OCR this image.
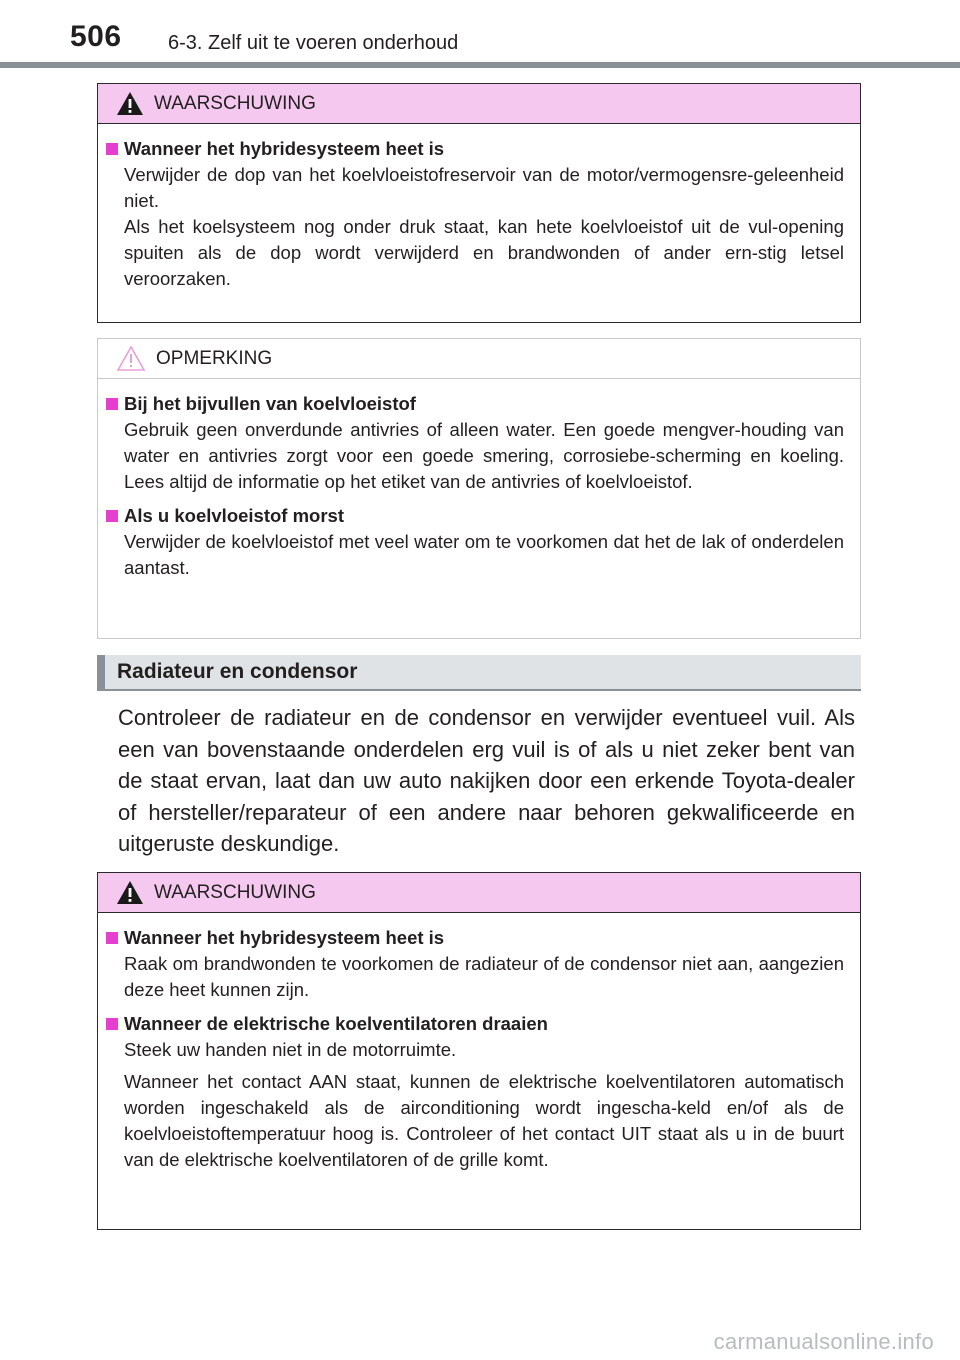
506 6-3. Zelf uit te voeren onderhoud
WAARSCHUWING
Wanneer het hybridesysteem heet is

Verwijder de dop van het koelvloeistofreservoir van de motor/vermogensre-geleenheid niet.

Als het koelsysteem nog onder druk staat, kan hete koelvloeistof uit de vul-opening spuiten als de dop wordt verwijderd en brandwonden of ander ern-stig letsel veroorzaken.

OPMERKING
Bij het bijvullen van koelvloeistof

Gebruik geen onverdunde antivries of alleen water. Een goede mengver-houding van water en antivries zorgt voor een goede smering, corrosiebe-scherming en koeling. Lees altijd de informatie op het etiket van de antivries of koelvloeistof.

Als u koelvloeistof morst

Verwijder de koelvloeistof met veel water om te voorkomen dat het de lak of onderdelen aantast.

Radiateur en condensor

Controleer de radiateur en de condensor en verwijder eventueel vuil. Als een van bovenstaande onderdelen erg vuil is of als u niet zeker bent van de staat ervan, laat dan uw auto nakijken door een erkende Toyota-dealer of hersteller/reparateur of een andere naar behoren gekwalificeerde en uitgeruste deskundige.

WAARSCHUWING
Wanneer het hybridesysteem heet is

Raak om brandwonden te voorkomen de radiateur of de condensor niet aan, aangezien deze heet kunnen zijn.

Wanneer de elektrische koelventilatoren draaien

Steek uw handen niet in de motorruimte.

Wanneer het contact AAN staat, kunnen de elektrische koelventilatoren automatisch worden ingeschakeld als de airconditioning wordt ingescha-keld en/of als de koelvloeistoftemperatuur hoog is. Controleer of het contact UIT staat als u in de buurt van de elektrische koelventilatoren of de grille komt.

carmanualsonline.info
